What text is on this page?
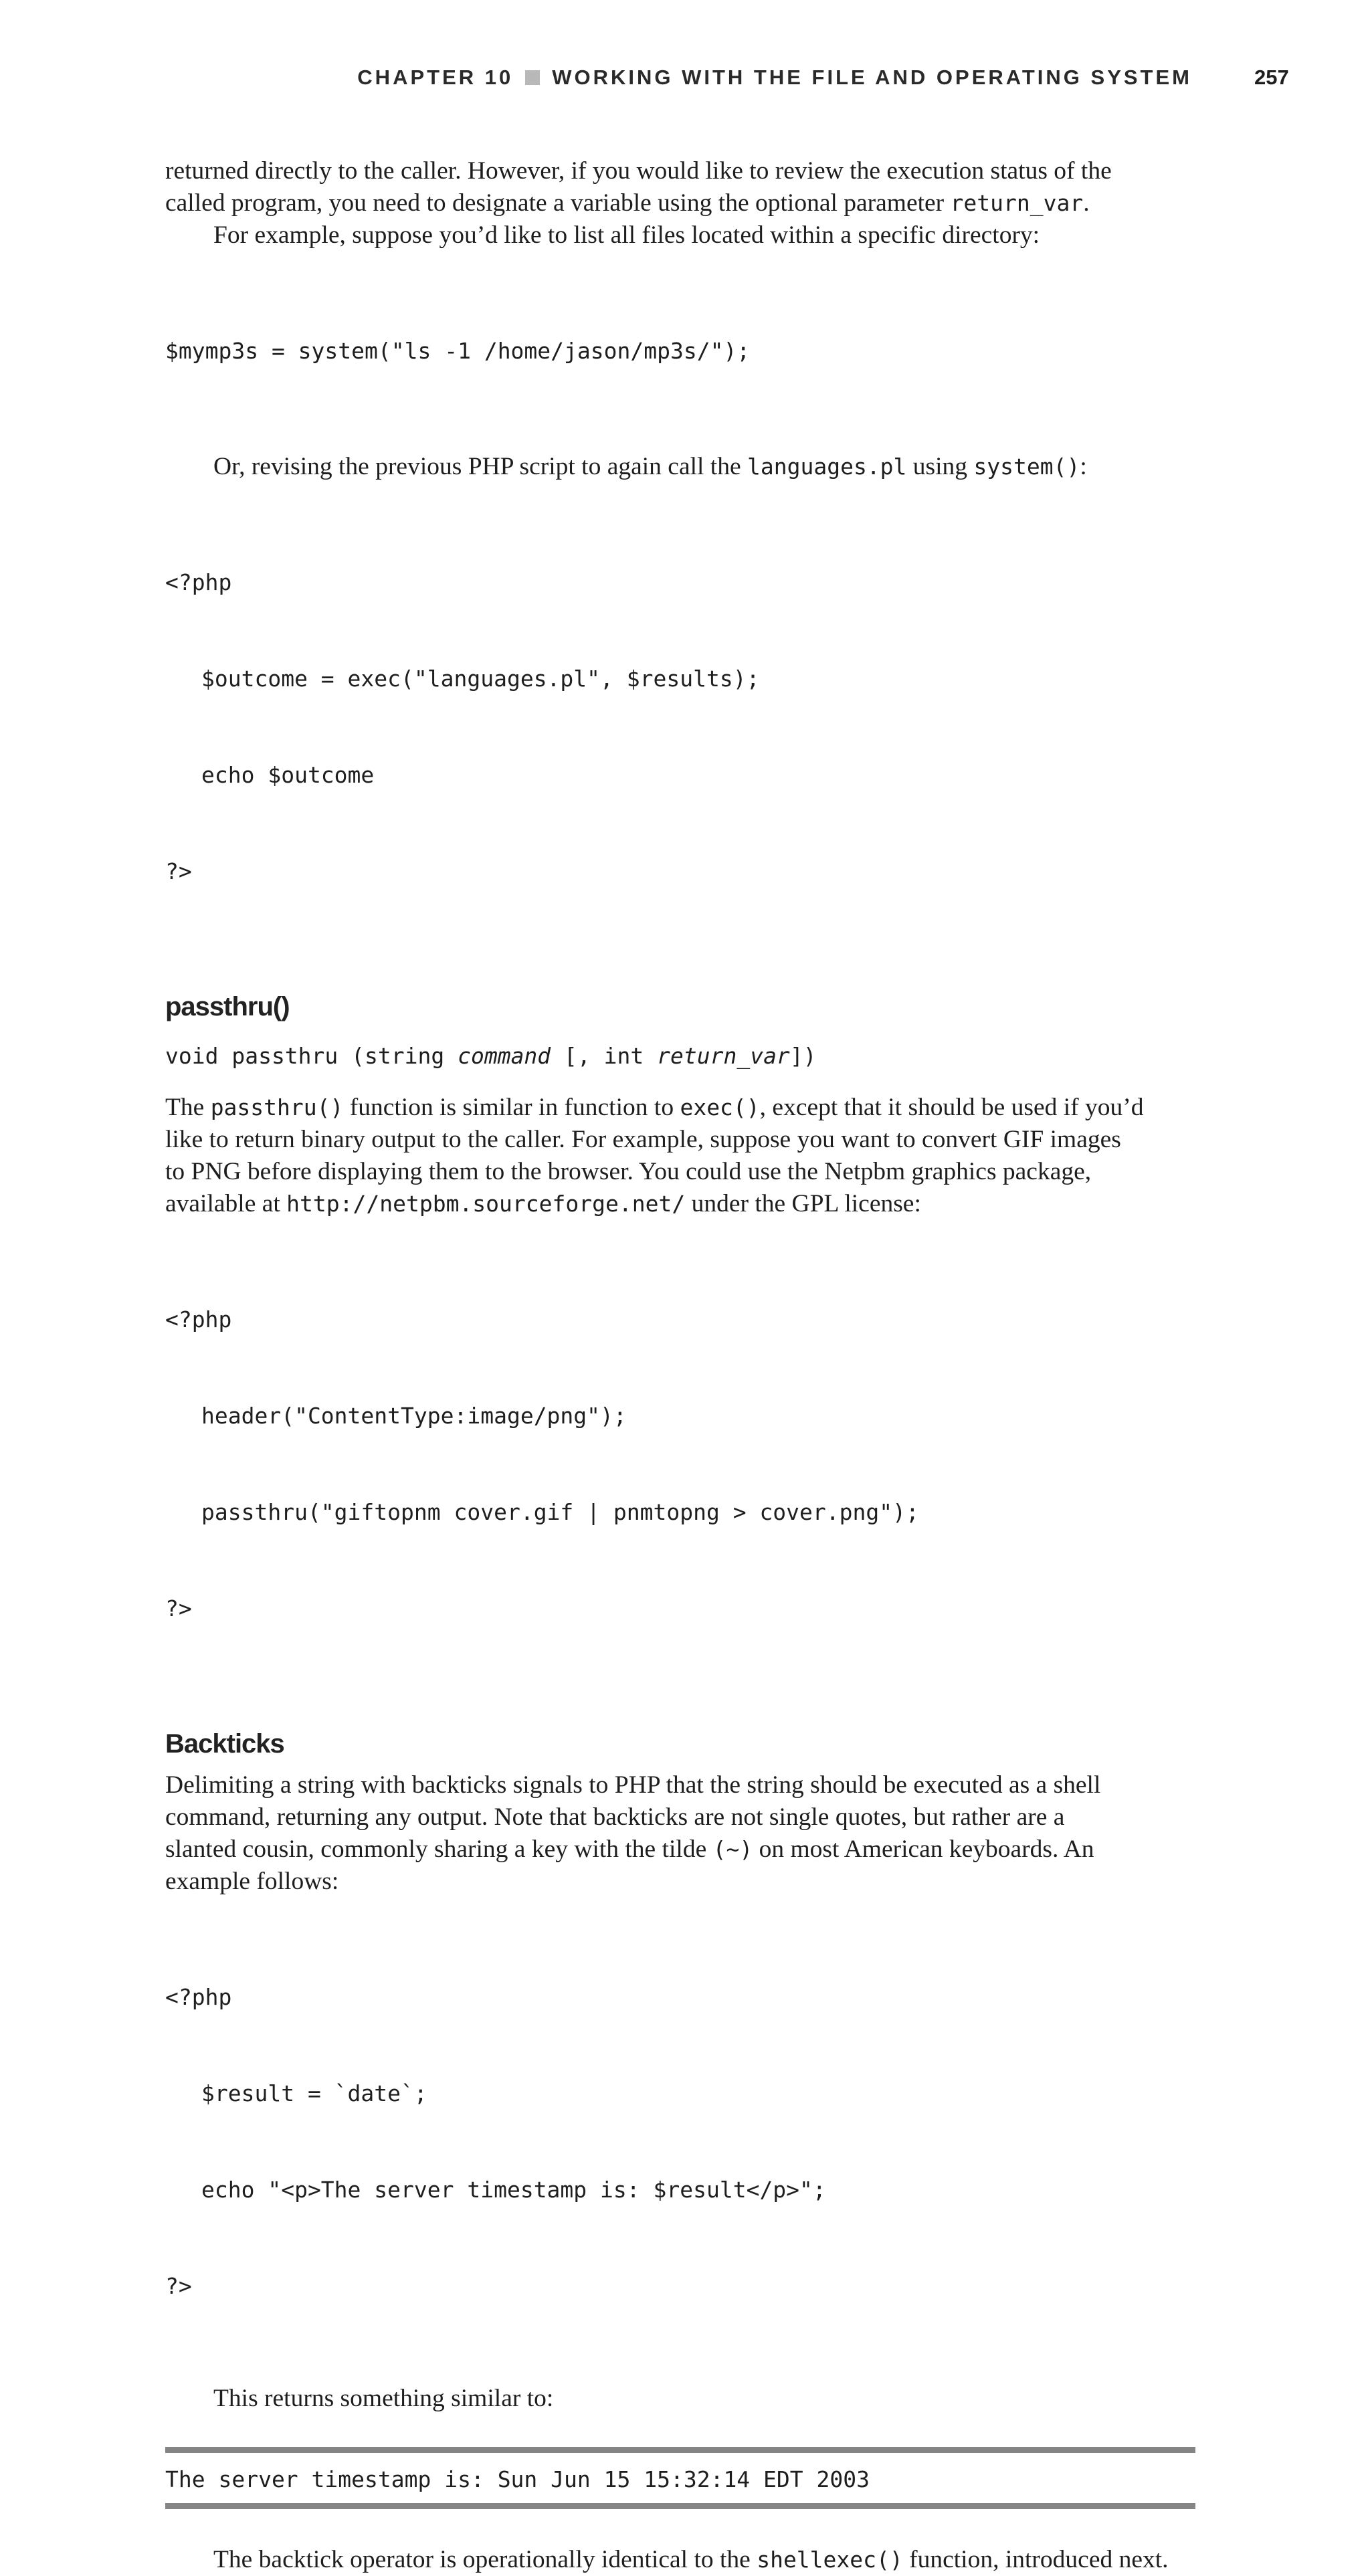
CHAPTER 10 WORKING WITH THE FILE AND OPERATING SYSTEM	257

returned directly to the caller. However, if you would like to review the execution status of the

called program, you need to designate a variable using the optional parameter return_var.

For example, suppose you’d like to list all files located within a specific directory:

$mymp3s = system("ls -1 /home/jason/mp3s/");

Or, revising the previous PHP script to again call the languages.pl using system():

<?php

$outcome = exec("languages.pl", $results);

echo $outcome

?>

passthru()
void passthru (string command [, int return_var])

The passthru() function is similar in function to exec(), except that it should be used if you’d

like to return binary output to the caller. For example, suppose you want to convert GIF images

to PNG before displaying them to the browser. You could use the Netpbm graphics package,

available at http://netpbm.sourceforge.net/ under the GPL license:

<?php

header("ContentType:image/png");

passthru("giftopnm cover.gif | pnmtopng > cover.png");

?>

Backticks

Delimiting a string with backticks signals to PHP that the string should be executed as a shell

command, returning any output. Note that backticks are not single quotes, but rather are a

slanted cousin, commonly sharing a key with the tilde (~) on most American keyboards. An

example follows:

<?php

$result = `date`;

echo "<p>The server timestamp is: $result</p>";

?>

This returns something similar to:

The server timestamp is: Sun Jun 15 15:32:14 EDT 2003

The backtick operator is operationally identical to the shellexec() function, introduced next.
